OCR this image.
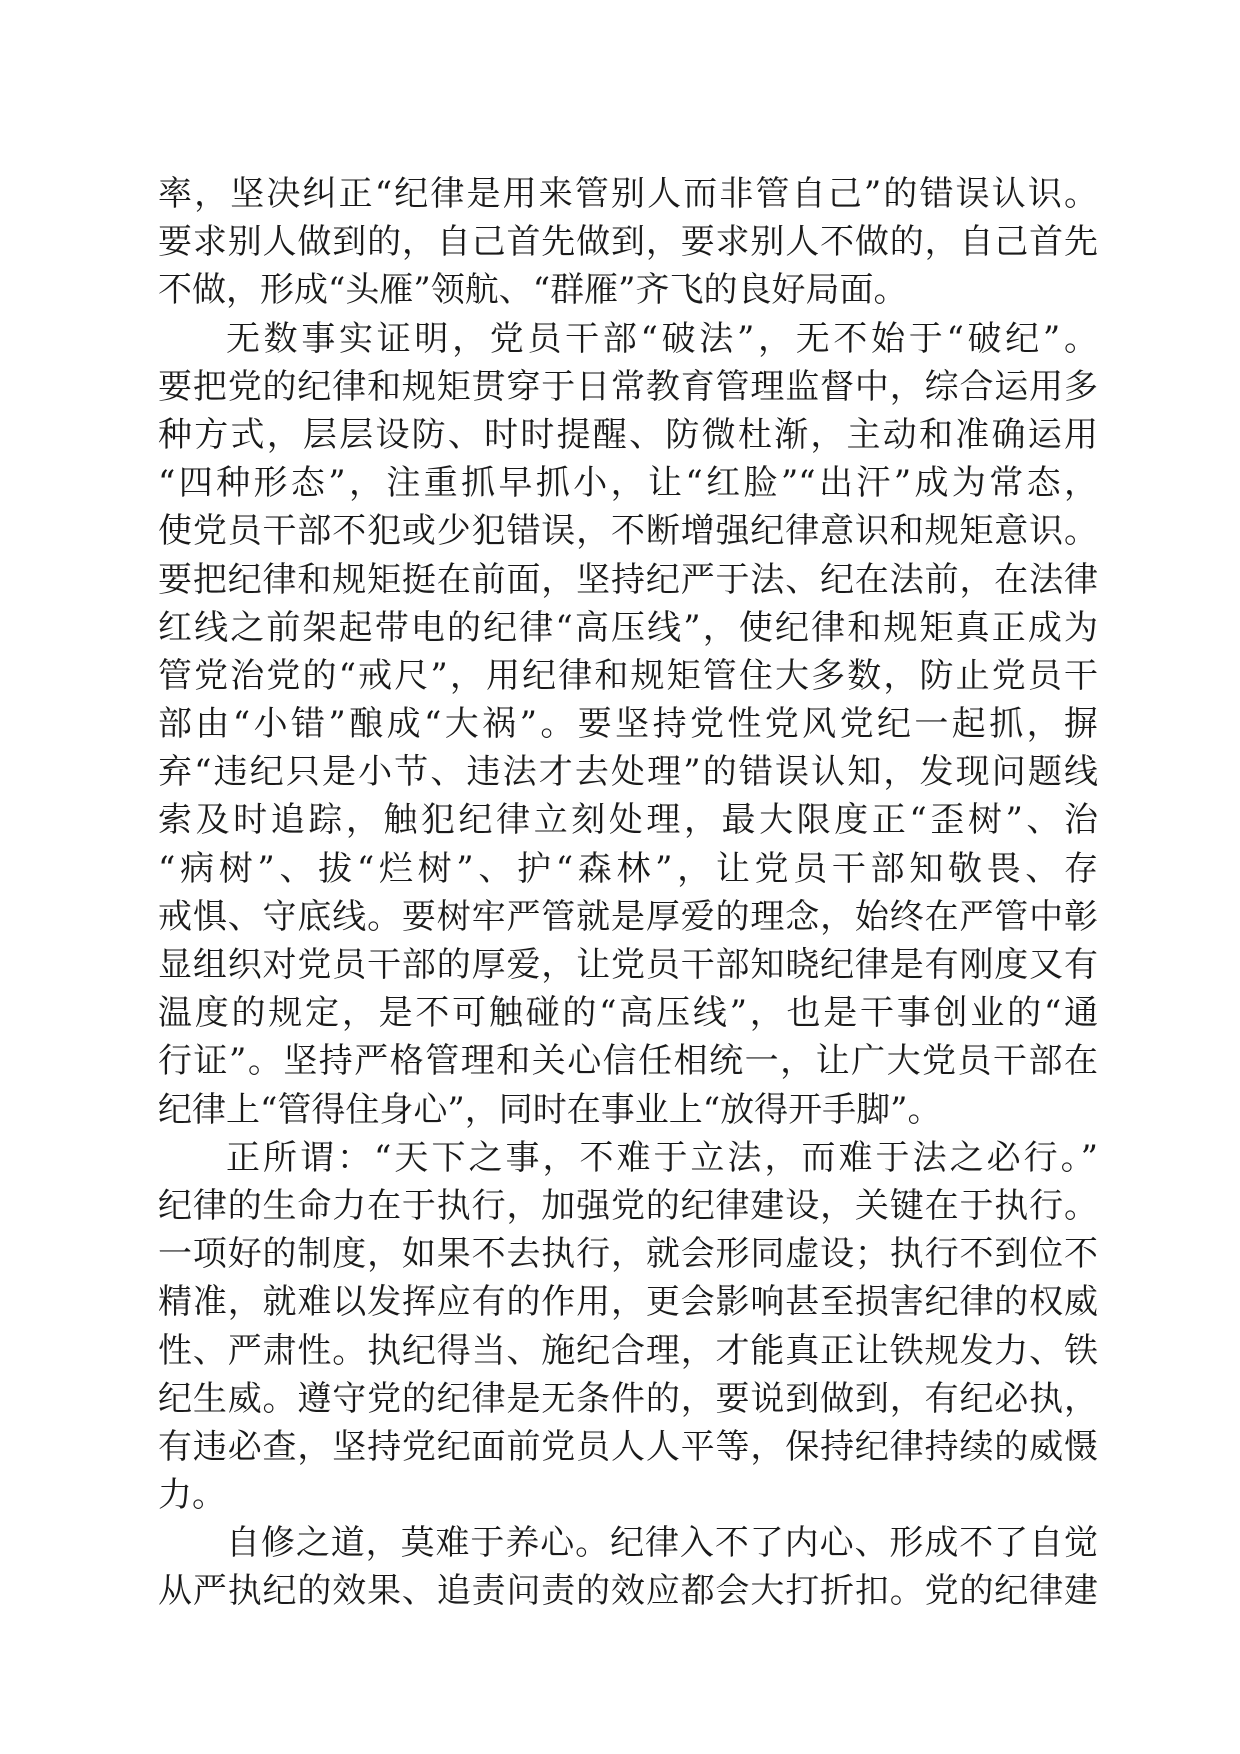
率，坚决纠正“纪律是用来管别人而非管自己”的错误认识。
要求别人做到的，自己首先做到，要求别人不做的，自己首先
不做，形成“头雁”领航、“群雁”齐飞的良好局面。
无数事实证明，党员干部“破法”，无不始于“破纪”。
要把党的纪律和规矩贯穿于日常教育管理监督中，综合运用多
种方式，层层设防、时时提醒、防微杜渐，主动和准确运用
“四种形态”，注重抓早抓小，让“红脸”“出汗”成为常态，
使党员干部不犯或少犯错误，不断增强纪律意识和规矩意识。
要把纪律和规矩挺在前面，坚持纪严于法、纪在法前，在法律
红线之前架起带电的纪律“高压线”，使纪律和规矩真正成为
管党治党的“戒尺”，用纪律和规矩管住大多数，防止党员干
部由“小错”酿成“大祸”。要坚持党性党风党纪一起抓，摒
弃“违纪只是小节、违法才去处理”的错误认知，发现问题线
索及时追踪，触犯纪律立刻处理，最大限度正“歪树”、治
“病树”、拔“烂树”、护“森林”，让党员干部知敬畏、存
戒惧、守底线。要树牢严管就是厚爱的理念，始终在严管中彰
显组织对党员干部的厚爱，让党员干部知晓纪律是有刚度又有
温度的规定，是不可触碰的“高压线”，也是干事创业的“通
行证”。坚持严格管理和关心信任相统一，让广大党员干部在
纪律上“管得住身心”，同时在事业上“放得开手脚”。
正所谓：“天下之事，不难于立法，而难于法之必行。”
纪律的生命力在于执行，加强党的纪律建设，关键在于执行。
一项好的制度，如果不去执行，就会形同虚设；执行不到位不
精准，就难以发挥应有的作用，更会影响甚至损害纪律的权威
性、严肃性。执纪得当、施纪合理，才能真正让铁规发力、铁
纪生威。遵守党的纪律是无条件的，要说到做到，有纪必执，
有违必查，坚持党纪面前党员人人平等，保持纪律持续的威慑
力。
自修之道，莫难于养心。纪律入不了内心、形成不了自觉
从严执纪的效果、追责问责的效应都会大打折扣。党的纪律建
